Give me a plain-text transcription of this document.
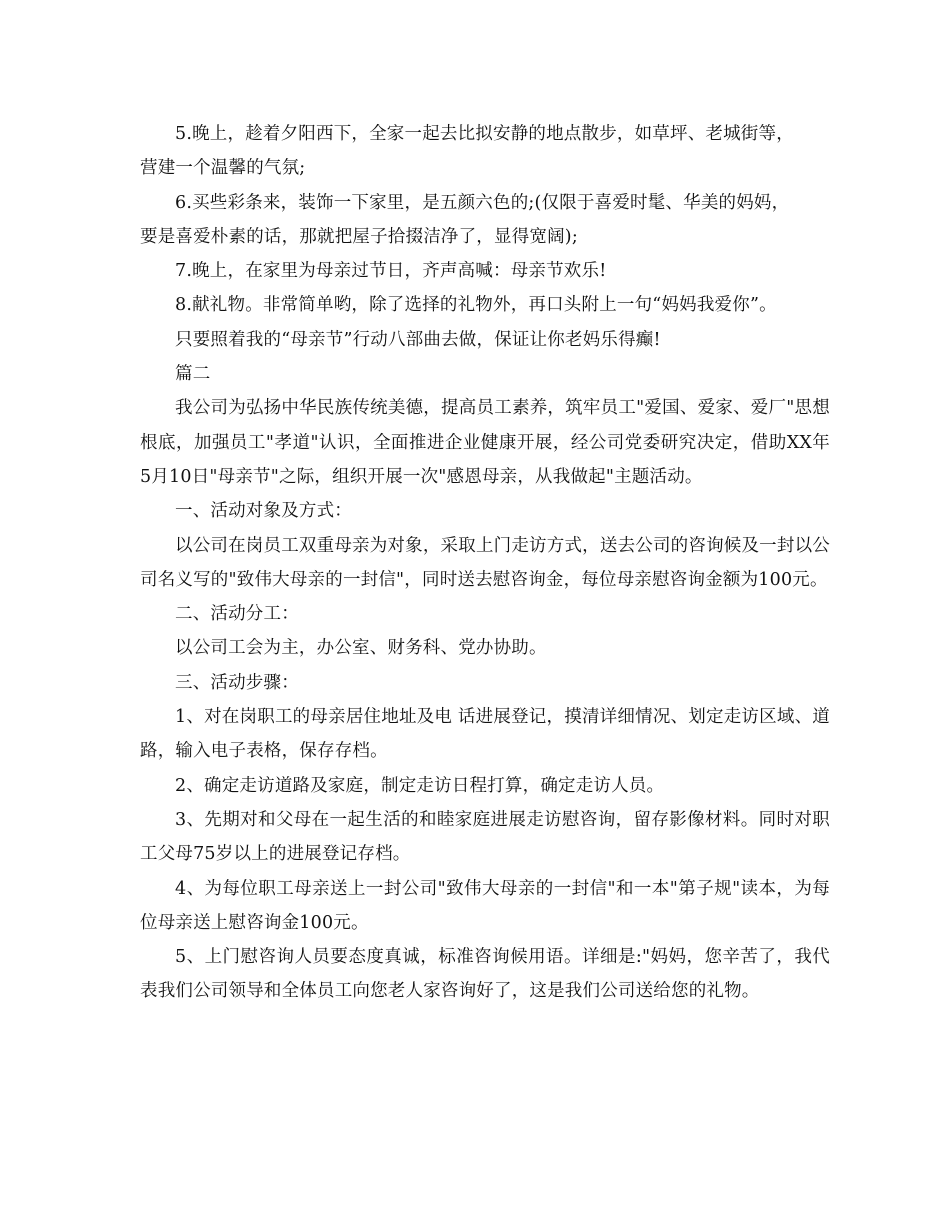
5.晚上，趁着夕阳西下，全家一起去比拟安静的地点散步，如草坪、老城街等，

营建一个温馨的气氛;

6.买些彩条来，装饰一下家里，是五颜六色的;(仅限于喜爱时髦、华美的妈妈，

要是喜爱朴素的话，那就把屋子拾掇洁净了，显得宽阔);

7.晚上，在家里为母亲过节日，齐声高喊：母亲节欢乐!

8.献礼物。非常简单哟，除了选择的礼物外，再口头附上一句“妈妈我爱你”。

只要照着我的“母亲节”行动八部曲去做，保证让你老妈乐得癫!

篇二

我公司为弘扬中华民族传统美德，提高员工素养，筑牢员工"爱国、爱家、爱厂"思想根底，加强员工"孝道"认识，全面推进企业健康开展，经公司党委研究决定，借助XX年5月10日"母亲节"之际，组织开展一次"感恩母亲，从我做起"主题活动。

一、活动对象及方式：

以公司在岗员工双重母亲为对象，采取上门走访方式，送去公司的咨询候及一封以公司名义写的"致伟大母亲的一封信"，同时送去慰咨询金，每位母亲慰咨询金额为100元。

二、活动分工：

以公司工会为主，办公室、财务科、党办协助。

三、活动步骤：

1、对在岗职工的母亲居住地址及电 话进展登记，摸清详细情况、划定走访区域、道路，输入电子表格，保存存档。

2、确定走访道路及家庭，制定走访日程打算，确定走访人员。

3、先期对和父母在一起生活的和睦家庭进展走访慰咨询，留存影像材料。同时对职工父母75岁以上的进展登记存档。

4、为每位职工母亲送上一封公司"致伟大母亲的一封信"和一本"第子规"读本，为每位母亲送上慰咨询金100元。

5、上门慰咨询人员要态度真诚，标准咨询候用语。详细是:"妈妈，您辛苦了，我代表我们公司领导和全体员工向您老人家咨询好了，这是我们公司送给您的礼物。
